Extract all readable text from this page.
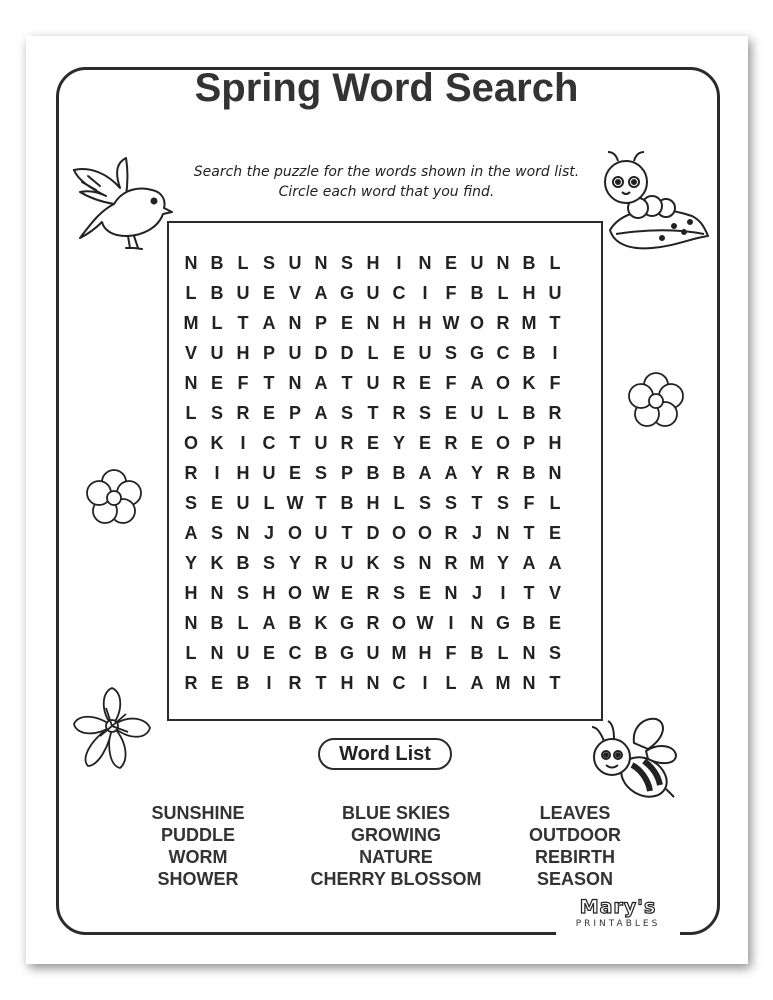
Spring Word Search
Search the puzzle for the words shown in the word list.
Circle each word that you find.
N B L S U N S H I N E U N B L
L B U E V A G U C I	F B L H U
M L T A N P E N H H W O R M T
V U H P U D D L E U S G C B I
N E F T N A T U R E F A O K F
L S R E P A S T R S E U L B R
O K I C T U R E Y E R E O P H
R I H U E S P B B A A Y R B N
S E U L W T B H L S S T S F L
A S N J O U T D O O R J N T E
Y K B S Y R U K S N R M Y A A
H N S H O W E R S E N J	I	T V
N B L A B K G R O W I N G B E
L N U E C B G U M H F B L N S
R E B I R T H N C I	L A M N T
Word List
SUNSHINE
PUDDLE
WORM
SHOWER
BLUE SKIES
GROWING
NATURE
CHERRY BLOSSOM
LEAVES
OUTDOOR
REBIRTH
SEASON
Mary's
PRINTABLES
